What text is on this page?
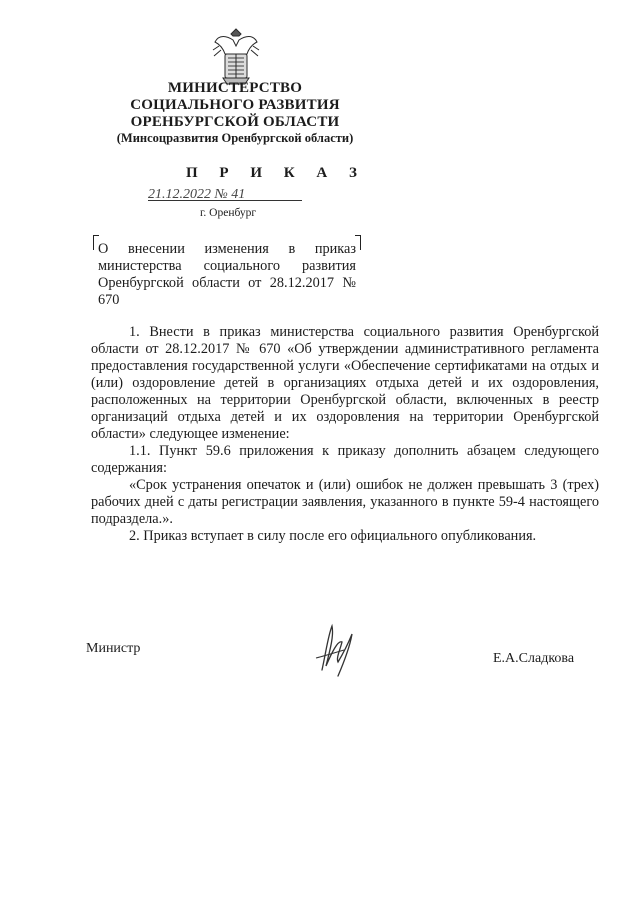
МИНИСТЕРСТВО
СОЦИАЛЬНОГО РАЗВИТИЯ
ОРЕНБУРГСКОЙ ОБЛАСТИ
(Минсоцразвития Оренбургской области)
П Р И К А З
21.12.2022 № 41
г. Оренбург
О внесении изменения в приказ министерства социального развития Оренбургской области от 28.12.2017 № 670

1. Внести в приказ министерства социального развития Оренбургской области от 28.12.2017 № 670 «Об утверждении административного регламента предоставления государственной услуги «Обеспечение сертификатами на отдых и (или) оздоровление детей в организациях отдыха детей и их оздоровления, расположенных на территории Оренбургской области, включенных в реестр организаций отдыха детей и их оздоровления на территории Оренбургской области» следующее изменение:

1.1. Пункт 59.6 приложения к приказу дополнить абзацем следующего содержания:

«Срок устранения опечаток и (или) ошибок не должен превышать 3 (трех) рабочих дней с даты регистрации заявления, указанного в пункте 59-4 настоящего подраздела.».

2. Приказ вступает в силу после его официального опубликования.

Министр
Е.А.Сладкова
